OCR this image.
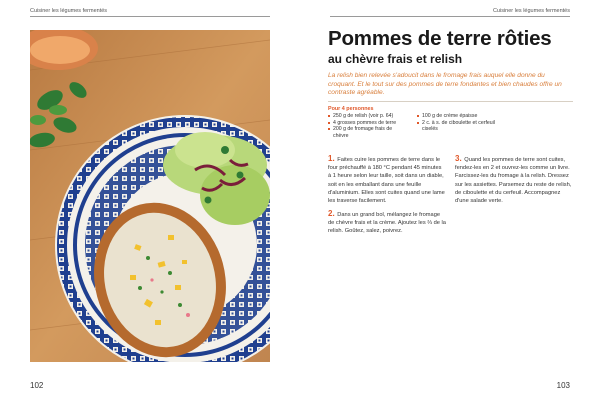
Cuisiner les légumes fermentés
102
Cuisiner les légumes fermentés
Pommes de terre rôties
au chèvre frais et relish
La relish bien relevée s'adoucit dans le fromage frais auquel elle donne du croquant. Et le tout sur des pommes de terre fondantes et bien chaudes offre un contraste agréable.
Pour 4 personnes
250 g de relish (voir p. 64)
4 grosses pommes de terre
200 g de fromage frais de chèvre
100 g de crème épaisse
2 c. à s. de ciboulette et cerfeuil ciselés
1. Faites cuire les pommes de terre dans le four préchauffé à 180 °C pendant 45 minutes à 1 heure selon leur taille, soit dans un diable, soit en les emballant dans une feuille d'aluminium. Elles sont cuites quand une lame les traverse facilement.
2. Dans un grand bol, mélangez le fromage de chèvre frais et la crème. Ajoutez les ⅔ de la relish. Goûtez, salez, poivrez.
3. Quand les pommes de terre sont cuites, fendez-les en 2 et ouvrez-les comme un livre. Farcissez-les du fromage à la relish. Dressez sur les assiettes. Parsemez du reste de relish, de ciboulette et du cerfeuil. Accompagnez d'une salade verte.
103
